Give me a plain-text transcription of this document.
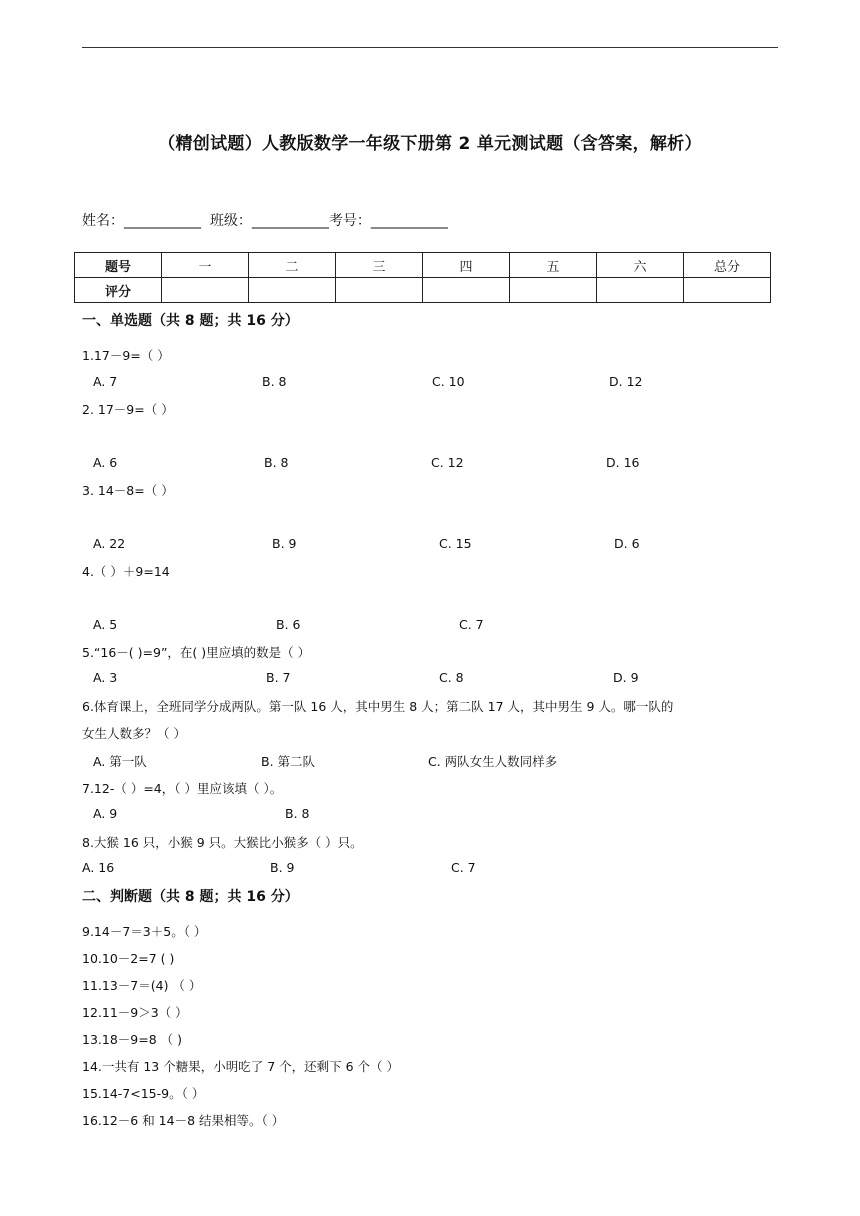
（精创试题）人教版数学一年级下册第 2 单元测试题（含答案，解析）
姓名：___________ 班级：___________考号：___________
题号	一	二	三	四	五	六	总分
评分							
一、单选题（共 8 题；共 16 分）
1.17－9=（ ）
A. 7	B. 8	C. 10	D. 12
2. 17－9=（ ）
A. 6	B. 8	C. 12	D. 16
3. 14－8=（ ）
A. 22	B. 9	C. 15	D. 6
4.（ ）＋9=14
A. 5	B. 6	C. 7
5.“16－( )=9”，在( )里应填的数是（ ）
A. 3	B. 7	C. 8	D. 9
6.体育课上，全班同学分成两队。第一队 16 人，其中男生 8 人；第二队 17 人，其中男生 9 人。哪一队的
女生人数多？（ ）
A. 第一队	B. 第二队	C. 两队女生人数同样多
7.12-（ ）=4，（ ）里应该填（ ）。
A. 9	B. 8
8.大猴 16 只，小猴 9 只。大猴比小猴多（ ）只。
A. 16	B. 9	C. 7
二、判断题（共 8 题；共 16 分）
9.14－7＝3＋5。（ ）
10.10－2=7 ( )
11.13－7＝(4) （ ）
12.11－9＞3（ ）
13.18－9=8 （ )
14.一共有 13 个糖果，小明吃了 7 个，还剩下 6 个（ ）
15.14-7<15-9。（ ）
16.12－6 和 14－8 结果相等。（ ）
